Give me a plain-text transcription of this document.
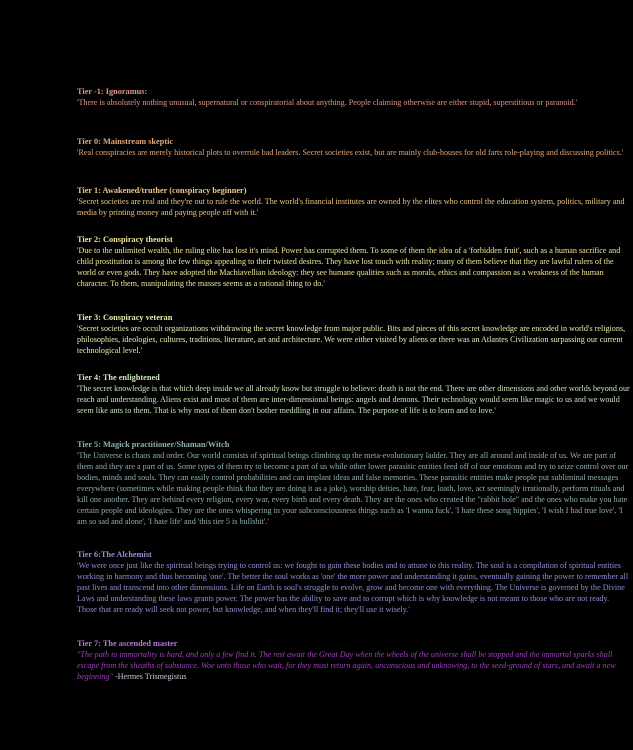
Tier -1: Ignoramus:
'There is absolutely nothing unusual, supernatural or conspiratorial about anything. People claiming otherwise are either stupid, superstitious or paranoid.'
Tier 0: Mainstream skeptic
'Real conspiracies are merely historical plots to overrule bad leaders. Secret societies exist, but are mainly club-houses for old farts role-playing and discussing politics.'
Tier 1: Awakened/truther (conspiracy beginner)
'Secret societies are real and they're out to rule the world. The world's financial institutes are owned by the elites who control the education system, politics, military and media by printing money and paying people off with it.'
Tier 2: Conspiracy theorist
'Due to the unlimited wealth, the ruling elite has lost it's mind. Power has corrupted them. To some of them the idea of a 'forbidden fruit', such as a human sacrifice and child prostitution is among the few things appealing to their twisted desires. They have lost touch with reality; many of them believe that they are lawful rulers of the world or even gods. They have adopted the Machiavellian ideology: they see humane qualities such as morals, ethics and compassion as a weakness of the human character. To them, manipulating the masses seems as a rational thing to do.'
Tier 3: Conspiracy veteran
'Secret societies are occult organizations withdrawing the secret knowledge from major public. Bits and pieces of this secret knowledge are encoded in world's religions, philosophies, ideologies, cultures, traditions, literature, art and architecture. We were either visited by aliens or there was an Atlantes Civilization surpassing our current technological level.'
Tier 4: The enlightened
'The secret knowledge is that which deep inside we all already know but struggle to believe: death is not the end. There are other dimensions and other worlds beyond our reach and understanding. Aliens exist and most of them are inter-dimensional beings: angels and demons. Their technology would seem like magic to us and we would seem like ants to them. That is why most of them don't bother meddling in our affairs. The purpose of life is to learn and to love.'
Tier 5: Magick practitioner/Shaman/Witch
'The Universe is chaos and order. Our world consists of spiritual beings climbing up the meta-evolutionary ladder. They are all around and inside of us. We are part of them and they are a part of us. Some types of them try to become a part of us while other lower parasitic entities feed off of our emotions and try to seize control over our bodies, minds and souls. They can easily control probabilities and can implant ideas and false memories. These parasitic entities make people put subliminal messages everywhere (sometimes while making people think that they are doing it as a joke), worship deities, hate, fear, loath, love, act seemingly irrationally, perform rituals and kill one another. They are behind every religion, every war, every birth and every death. They are the ones who created the "rabbit hole" and the ones who make you hate certain people and ideologies. They are the ones whispering in your subconsciousness things such as 'I wanna fuck', 'I hate these song hippies', 'I wish I had true love', 'I am so sad and alone', 'I hate life' and 'this tier 5 is bullshit'.'
Tier 6:The Alchemist
'We were once just like the spiritual beings trying to control us: we fought to gain these bodies and to attune to this reality. The soul is a compilation of spiritual entities working in harmony and thus becoming 'one'. The better the soul works as 'one' the more power and understanding it gains, eventually gaining the power to remember all past lives and transcend into other dimensions. Life on Earth is soul's struggle to evolve, grow and become one with everything. The Universe is governed by the Divine Laws and understanding these laws grants power. The power has the ability to save and to corrupt which is why knowledge is not meant to those who are not ready. Those that are ready will seek not power, but knowledge, and when they'll find it; they'll use it wisely.'
Tier 7: The ascended master
"The path to immortality is hard, and only a few find it. The rest await the Great Day when the wheels of the universe shall be stopped and the immortal sparks shall escape from the sheaths of substance. Woe unto those who wait, for they must return again, unconscious and unknowing, to the seed-ground of stars, and await a new beginning" -Hermes Trismegistus
